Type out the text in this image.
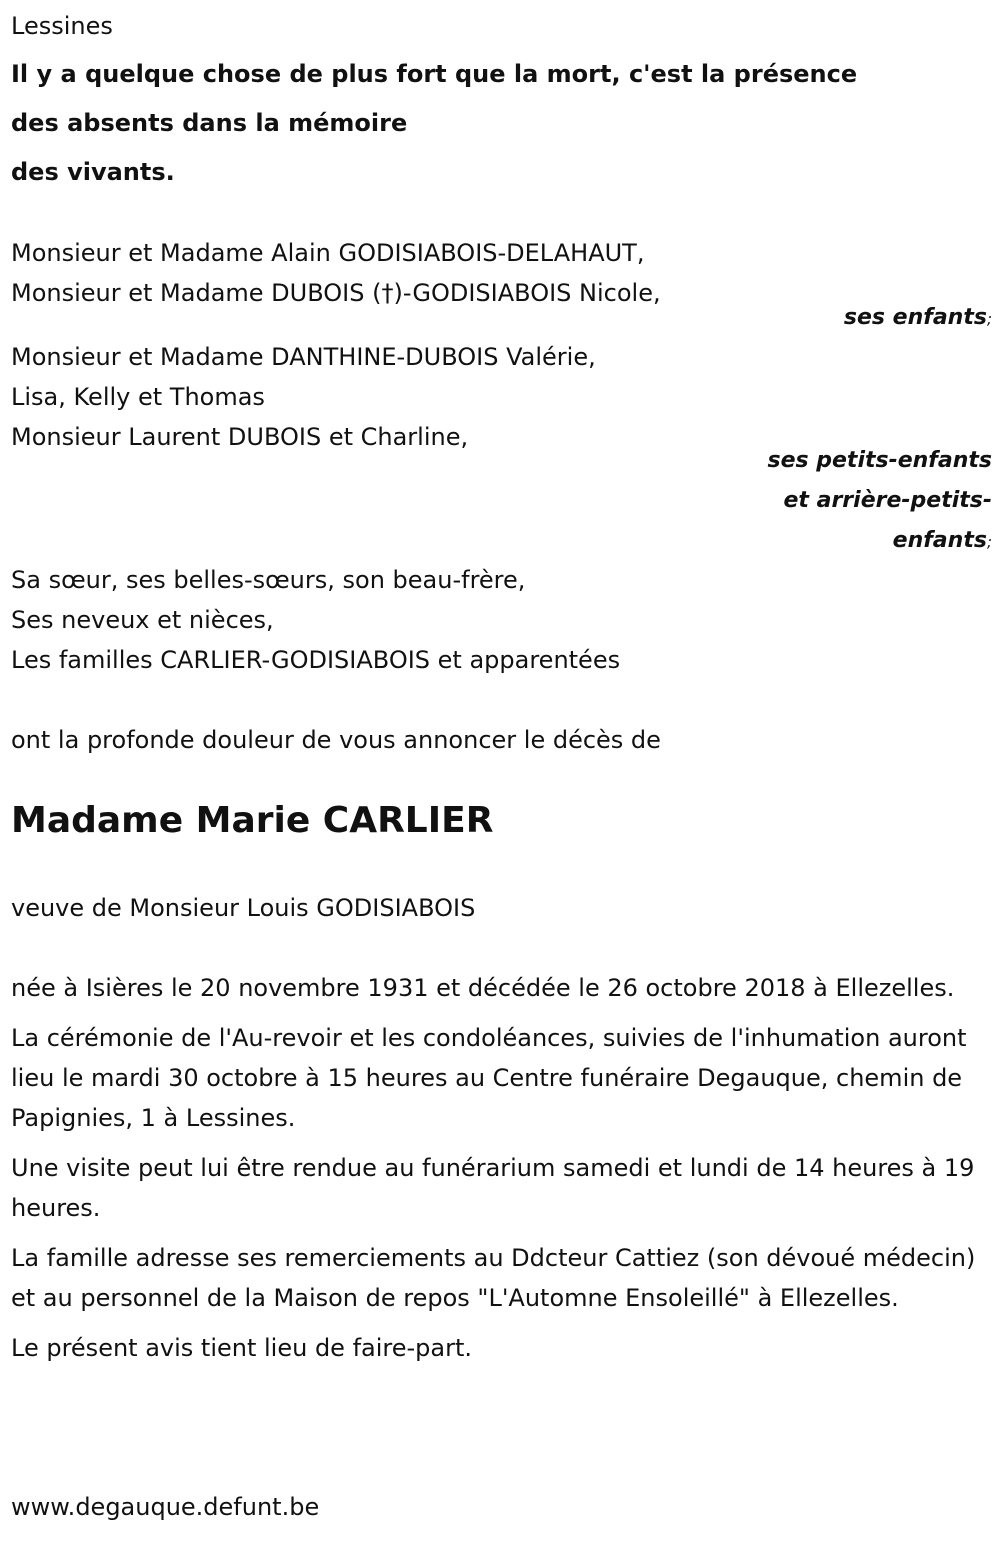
Lessines
Il y a quelque chose de plus fort que la mort, c'est la présence
des absents dans la mémoire
des vivants.
Monsieur et Madame Alain GODISIABOIS-DELAHAUT,
Monsieur et Madame DUBOIS (†)-GODISIABOIS Nicole,
ses enfants;
Monsieur et Madame DANTHINE-DUBOIS Valérie,
Lisa, Kelly et Thomas
Monsieur Laurent DUBOIS et Charline,
ses petits-enfants
et arrière-petits-
enfants;
Sa sœur, ses belles-sœurs, son beau-frère,
Ses neveux et nièces,
Les familles CARLIER-GODISIABOIS et apparentées
ont la profonde douleur de vous annoncer le décès de
Madame Marie CARLIER
veuve de Monsieur Louis GODISIABOIS
née à Isières le 20 novembre 1931 et décédée le 26 octobre 2018 à Ellezelles.
La cérémonie de l'Au-revoir et les condoléances, suivies de l'inhumation auront lieu le mardi 30 octobre à 15 heures au Centre funéraire Degauque, chemin de Papignies, 1 à Lessines.
Une visite peut lui être rendue au funérarium samedi et lundi de 14 heures à 19 heures.
La famille adresse ses remerciements au Ddcteur Cattiez (son dévoué médecin) et au personnel de la Maison de repos "L'Automne Ensoleillé" à Ellezelles.
Le présent avis tient lieu de faire-part.
www.degauque.defunt.be
